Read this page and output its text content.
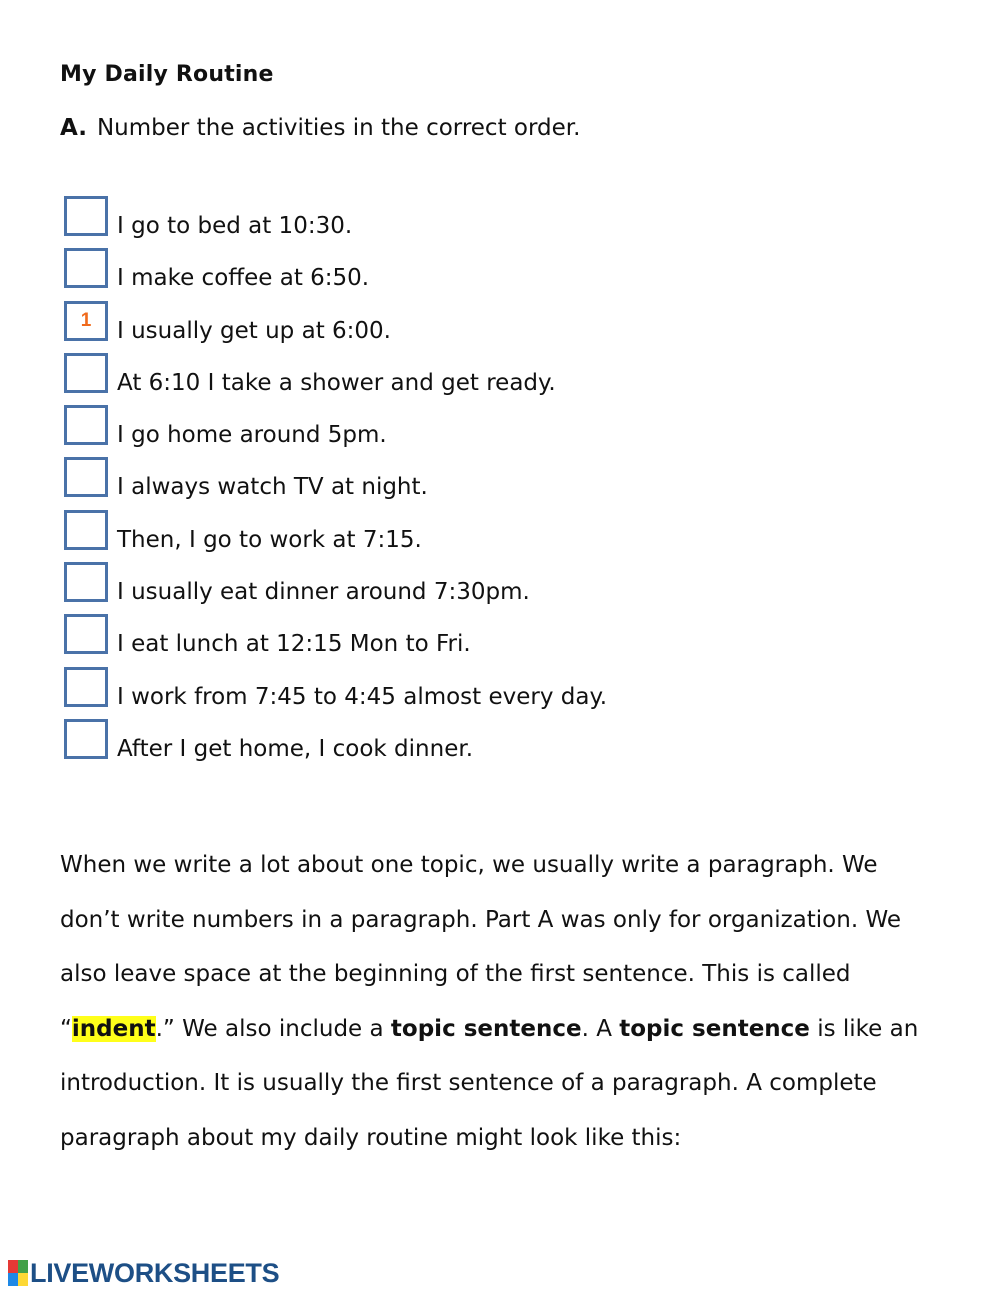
My Daily Routine
A. Number the activities in the correct order.
I go to bed at 10:30.
I make coffee at 6:50.
1
I usually get up at 6:00.
At 6:10 I take a shower and get ready.
I go home around 5pm.
I always watch TV at night.
Then, I go to work at 7:15.
I usually eat dinner around 7:30pm.
I eat lunch at 12:15 Mon to Fri.
I work from 7:45 to 4:45 almost every day.
After I get home, I cook dinner.
When we write a lot about one topic, we usually write a paragraph. We don’t write numbers in a paragraph. Part A was only for organization. We also leave space at the beginning of the first sentence. This is called “indent.” We also include a topic sentence. A topic sentence is like an introduction. It is usually the first sentence of a paragraph. A complete paragraph about my daily routine might look like this:
LIVEWORKSHEETS
